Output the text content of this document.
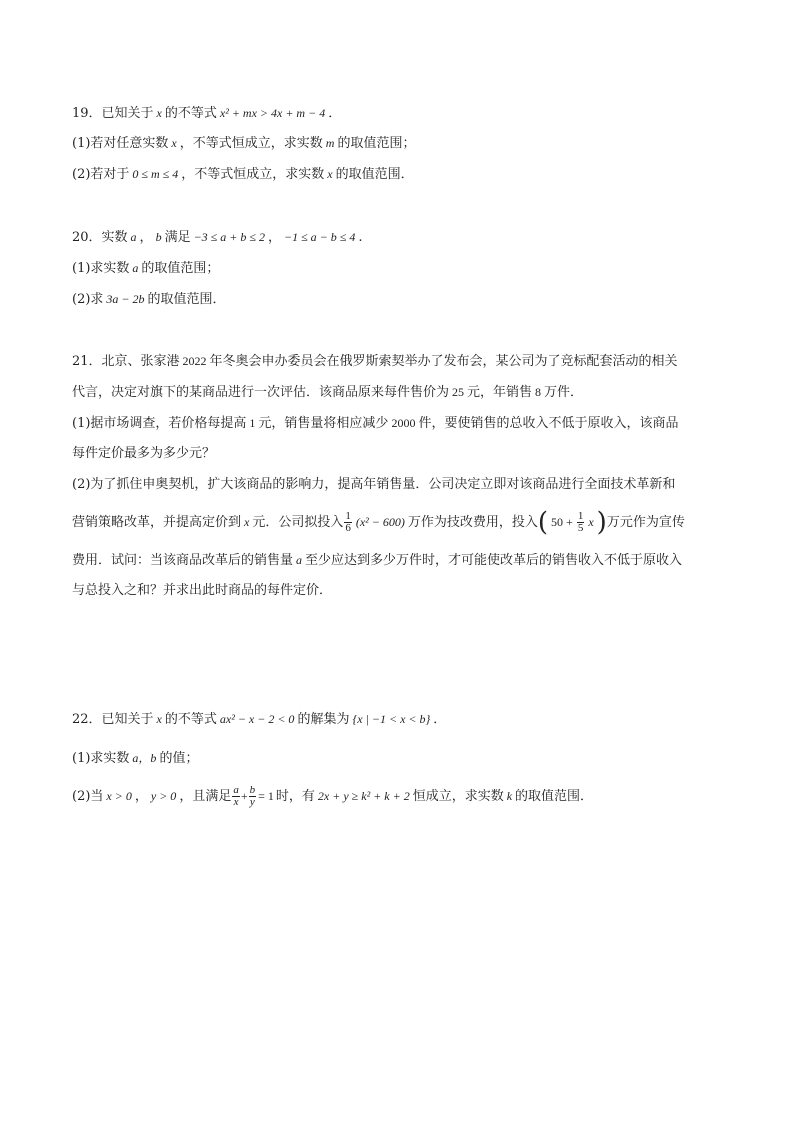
19．已知关于 x 的不等式 x² + mx > 4x + m − 4 ．
(1)若对任意实数 x ，不等式恒成立，求实数 m 的取值范围；
(2)若对于 0 ≤ m ≤ 4 ，不等式恒成立，求实数 x 的取值范围．
20．实数 a ， b 满足 −3 ≤ a + b ≤ 2 ， −1 ≤ a − b ≤ 4 .
(1)求实数 a 的取值范围；
(2)求 3a − 2b 的取值范围．
21．北京、张家港 2022 年冬奥会申办委员会在俄罗斯索契举办了发布会，某公司为了竞标配套活动的相关
代言，决定对旗下的某商品进行一次评估．该商品原来每件售价为 25 元，年销售 8 万件．
(1)据市场调查，若价格每提高 1 元，销售量将相应减少 2000 件，要使销售的总收入不低于原收入，该商品
每件定价最多为多少元？
(2)为了抓住申奥契机，扩大该商品的影响力，提高年销售量．公司决定立即对该商品进行全面技术革新和
营销策略改革，并提高定价到 x 元．公司拟投入 $\frac{1}{6} (x^2 - 600)$ 万作为技改费用，投入( $50 + \frac{1}{5}$ x )万元作为宣传
费用．试问：当该商品改革后的销售量 a 至少应达到多少万件时，才可能使改革后的销售收入不低于原收入
与总投入之和？并求出此时商品的每件定价．
22．已知关于 x 的不等式 ax² − x − 2 < 0 的解集为 {x | −1 < x < b} ．
(1)求实数 a，b 的值；
(2)当 x > 0 ， y > 0 ，且满足 $\frac{a}{x} + \frac{b}{y} = 1$ 时，有 2x + y ≥ k² + k + 2 恒成立，求实数 k 的取值范围．
